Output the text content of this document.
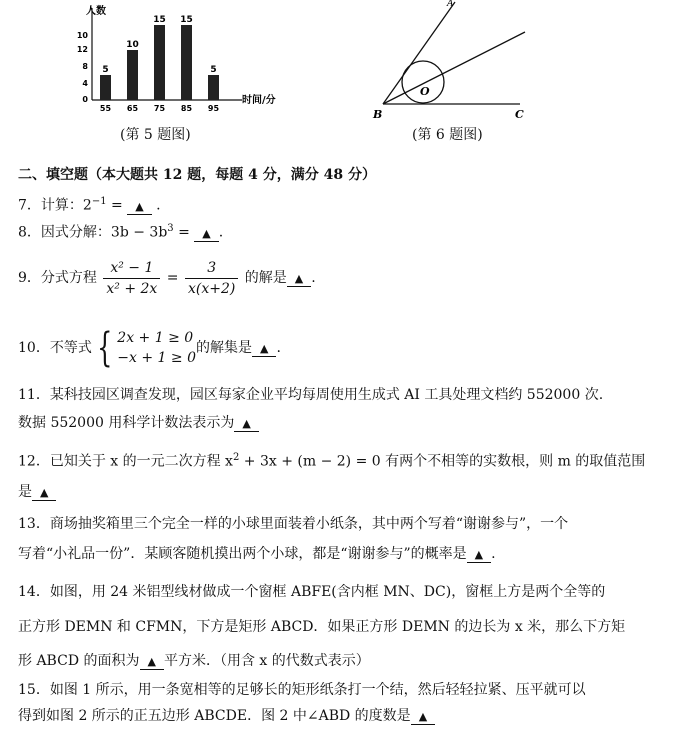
人数
5
10
15 15
5
10
12
8
4
0
55 65 75 85 95
时间/分
(第 5 题图)
O
B	C
A
(第 6 题图)
二、填空题（本大题共 12 题，每题 4 分，满分 48 分）
7．计算：$2^{-1}$ = ▲ .
8．因式分解：$3b - 3b^3$ = ▲ .
9．分式方程 $\frac{\text{x² − 1}}{\text{x² + 2x}} = \frac{3}{x(x+2)}$ 的解是 ▲ .
10．不等式 { 2x + 1 ≥ 0
−x + 1 ≥ 0
的解集是 ▲ .
11．某科技园区调查发现，园区每家企业平均每周使用生成式 AI 工具处理文档约 552000 次.
数据 552000 用科学计数法表示为 ▲
12．已知关于 x 的一元二次方程 $x^2 + 3x + (m - 2) = 0$ 有两个不相等的实数根，则 m 的取值范围
是 ▲
13．商场抽奖箱里三个完全一样的小球里面装着小纸条，其中两个写着“谢谢参与”，一个
写着“小礼品一份”．某顾客随机摸出两个小球，都是“谢谢参与”的概率是 ▲ .
14．如图，用 24 米铝型线材做成一个窗框 ABFE(含内框 MN、DC)，窗框上方是两个全等的
正方形 DEMN 和 CFMN，下方是矩形 ABCD．如果正方形 DEMN 的边长为 x 米，那么下方矩
形 ABCD 的面积为 ▲ 平方米．（用含 x 的代数式表示）
15．如图 1 所示，用一条宽相等的足够长的矩形纸条打一个结，然后轻轻拉紧、压平就可以
得到如图 2 所示的正五边形 ABCDE．图 2 中∠ABD 的度数是 ▲
